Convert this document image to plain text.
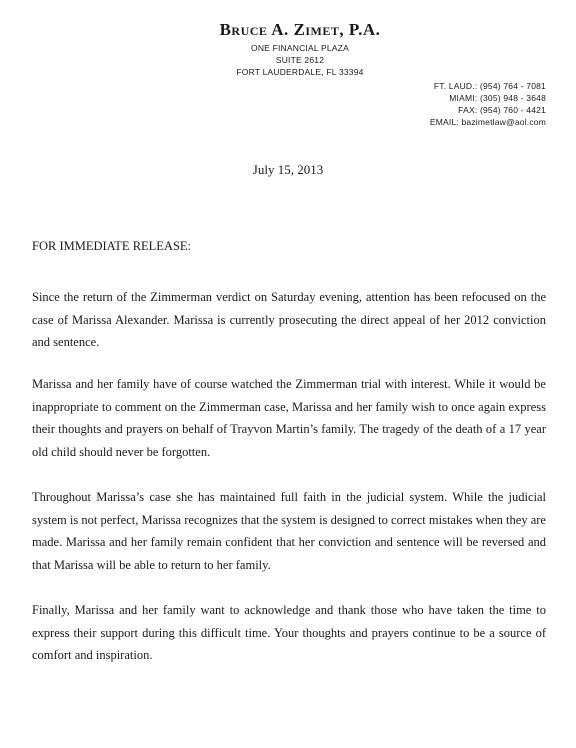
Bruce A. Zimet, P.A.

ONE FINANCIAL PLAZA

SUITE 2612

FORT LAUDERDALE, FL 33394

FT. LAUD.: (954) 764 - 7081

MIAMI: (305) 948 - 3648

FAX: (954) 760 - 4421

EMAIL: bazimetlaw@aol.com

July 15, 2013

FOR IMMEDIATE RELEASE:

Since the return of the Zimmerman verdict on Saturday evening, attention has been refocused on the case of Marissa Alexander. Marissa is currently prosecuting the direct appeal of her 2012 conviction and sentence.

Marissa and her family have of course watched the Zimmerman trial with interest. While it would be inappropriate to comment on the Zimmerman case, Marissa and her family wish to once again express their thoughts and prayers on behalf of Trayvon Martin’s family. The tragedy of the death of a 17 year old child should never be forgotten.

Throughout Marissa’s case she has maintained full faith in the judicial system. While the judicial system is not perfect, Marissa recognizes that the system is designed to correct mistakes when they are made. Marissa and her family remain confident that her conviction and sentence will be reversed and that Marissa will be able to return to her family.

Finally, Marissa and her family want to acknowledge and thank those who have taken the time to express their support during this difficult time. Your thoughts and prayers continue to be a source of comfort and inspiration.
